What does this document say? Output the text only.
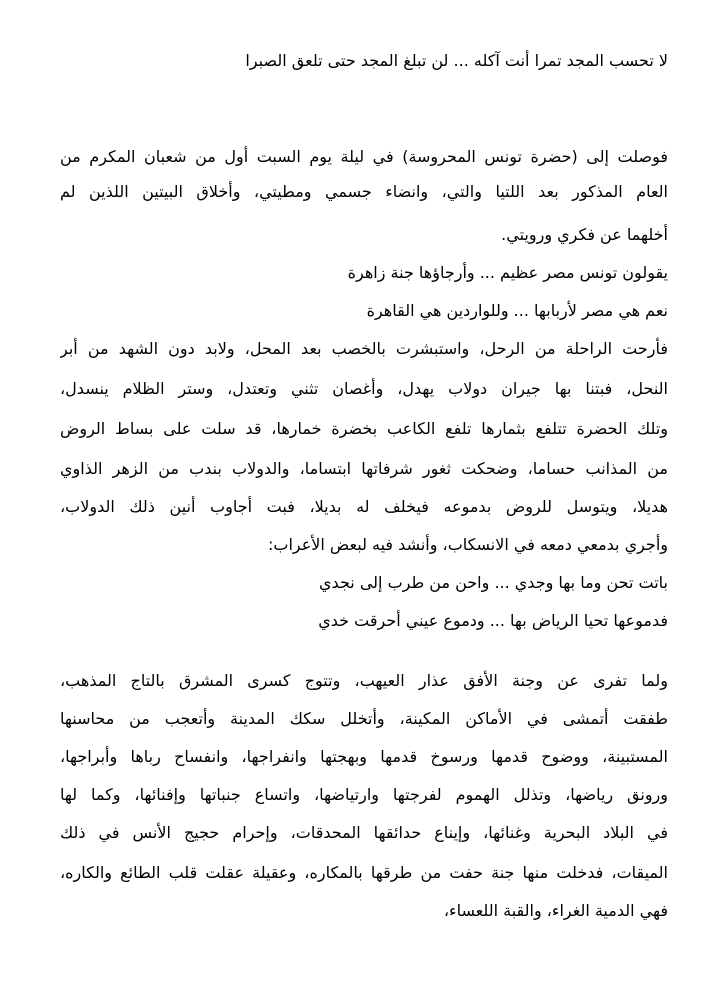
لا تحسب المجد تمرا أنت آكله ... لن تبلغ المجد حتى تلعق الصبرا
فوصلت إلى (حضرة تونس المحروسة) في ليلة يوم السبت أول من شعبان المكرم من
العام المذكور بعد اللتيا والتي، وانضاء جسمي ومطيتي، وأخلاق البيتين اللذين لم
أخلهما عن فكري ورويتي.
يقولون تونس مصر عظيم ... وأرجاؤها جنة زاهرة
نعم هي مصر لأربابها ... وللواردين هي القاهرة
فأرحت الراحلة من الرحل، واستبشرت بالخصب بعد المحل، ولابد دون الشهد من أبر
النحل، فبتنا بها جيران دولاب يهدل، وأغصان تثني وتعتدل، وستر الظلام ينسدل،
وتلك الحضرة تتلفع بثمارها تلفع الكاعب بخضرة خمارها، قد سلت على بساط الروض
من المذانب حساما، وضحكت ثغور شرفاتها ابتساما، والدولاب بندب من الزهر الذاوي
هديلا، ويتوسل للروض بدموعه فيخلف له بديلا، فبت أجاوب أنين ذلك الدولاب،
وأجري بدمعي دمعه في الانسكاب، وأنشد فيه لبعض الأعراب:
باتت تحن وما بها وجدي ... واحن من طرب إلى نجدي
فدموعها تحيا الرياض بها ... ودموع عيني أحرقت خدي
ولما تفرى عن وجنة الأفق عذار العيهب، وتتوج كسرى المشرق بالتاج المذهب،
طفقت أتمشى في الأماكن المكينة، وأتخلل سكك المدينة وأتعجب من محاسنها
المستبينة، ووضوح قدمها ورسوخ قدمها وبهجتها وانفراجها، وانفساح رباها وأبراجها،
ورونق رياضها، وتذلل الهموم لفرجتها وارتياضها، واتساع جنباتها وإفنائها، وكما لها
في البلاد البحرية وغنائها، وإيناع حدائقها المحدقات، وإحرام حجيج الأنس في ذلك
الميقات، فدخلت منها جنة حفت من طرقها بالمكاره، وعقيلة عقلت قلب الطائع والكاره،
فهي الدمية الغراء، والقبة اللعساء،
